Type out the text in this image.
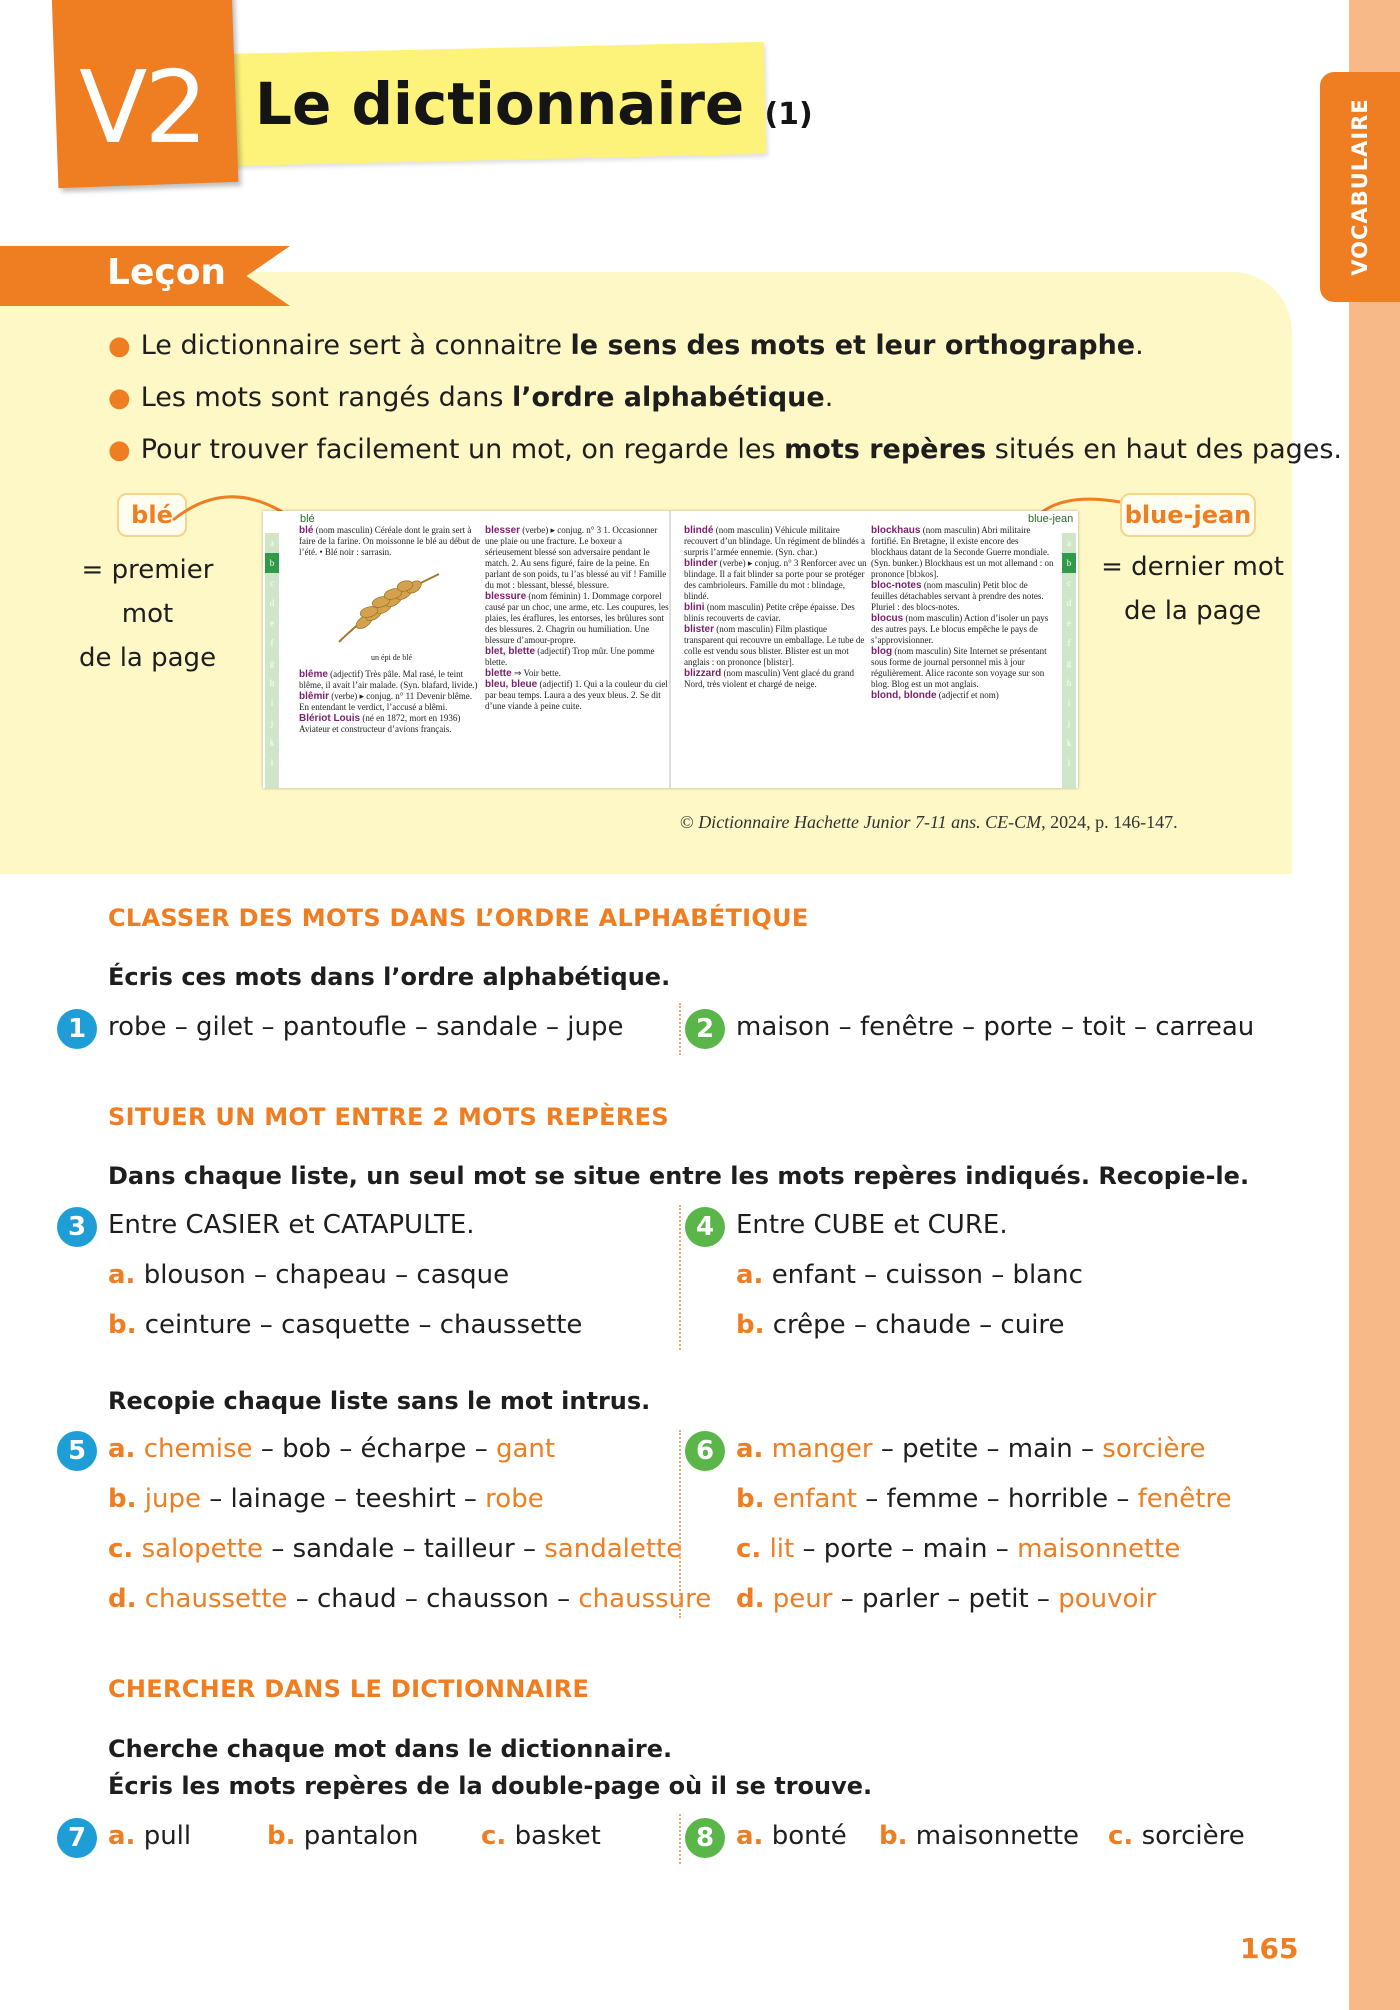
VOCABULAIRE
V2 Le dictionnaire (1)
Leçon
● Le dictionnaire sert à connaitre le sens des mots et leur orthographe.
● Les mots sont rangés dans l’ordre alphabétique.
● Pour trouver facilement un mot, on regarde les mots repères situés en haut des pages.
blé
= premier mot
de la page
blue-jean
= dernier mot
de la page
blé	blue-jean
a
b
c
d
e
f
g
h
i
j
k
l
a
b
c
d
e
f
g
h
i
j
k
l
blé (nom masculin) Céréale dont le grain sert à faire de la farine. On moissonne le blé au début de l’été. • Blé noir : sarrasin.
un épi de blé
blême (adjectif) Très pâle. Mal rasé, le teint blême, il avait l’air malade. (Syn. blafard, livide.)
blêmir (verbe) ▸ conjug. n° 11 Devenir blême. En entendant le verdict, l’accusé a blêmi.
Blériot Louis (né en 1872, mort en 1936) Aviateur et constructeur d’avions français.
blesser (verbe) ▸ conjug. n° 3 1. Occasionner une plaie ou une fracture. Le boxeur a sérieusement blessé son adversaire pendant le match. 2. Au sens figuré, faire de la peine. En parlant de son poids, tu l’as blessé au vif ! Famille du mot : blessant, blessé, blessure.
blessure (nom féminin) 1. Dommage corporel causé par un choc, une arme, etc. Les coupures, les plaies, les éraflures, les entorses, les brûlures sont des blessures. 2. Chagrin ou humiliation. Une blessure d’amour-propre.
blet, blette (adjectif) Trop mûr. Une pomme blette.
blette ⇒ Voir bette.
bleu, bleue (adjectif) 1. Qui a la couleur du ciel par beau temps. Laura a des yeux bleus. 2. Se dit d’une viande à peine cuite.
blindé (nom masculin) Véhicule militaire recouvert d’un blindage. Un régiment de blindés a surpris l’armée ennemie. (Syn. char.)
blinder (verbe) ▸ conjug. n° 3 Renforcer avec un blindage. Il a fait blinder sa porte pour se protéger des cambrioleurs. Famille du mot : blindage, blindé.
blini (nom masculin) Petite crêpe épaisse. Des blinis recouverts de caviar.
blister (nom masculin) Film plastique transparent qui recouvre un emballage. Le tube de colle est vendu sous blister. Blister est un mot anglais : on prononce [blistɛr].
blizzard (nom masculin) Vent glacé du grand Nord, très violent et chargé de neige.
blockhaus (nom masculin) Abri militaire fortifié. En Bretagne, il existe encore des blockhaus datant de la Seconde Guerre mondiale. (Syn. bunker.) Blockhaus est un mot allemand : on prononce [blɔkos].
bloc-notes (nom masculin) Petit bloc de feuilles détachables servant à prendre des notes. Pluriel : des blocs-notes.
blocus (nom masculin) Action d’isoler un pays des autres pays. Le blocus empêche le pays de s’approvisionner.
blog (nom masculin) Site Internet se présentant sous forme de journal personnel mis à jour régulièrement. Alice raconte son voyage sur son blog. Blog est un mot anglais.
blond, blonde (adjectif et nom)
© Dictionnaire Hachette Junior 7-11 ans. CE-CM, 2024, p. 146-147.
CLASSER DES MOTS DANS L’ORDRE ALPHABÉTIQUE
Écris ces mots dans l’ordre alphabétique.
1 robe – gilet – pantoufle – sandale – jupe	2 maison – fenêtre – porte – toit – carreau
SITUER UN MOT ENTRE 2 MOTS REPÈRES
Dans chaque liste, un seul mot se situe entre les mots repères indiqués. Recopie-le.
3 Entre CASIER et CATAPULTE.
a. blouson – chapeau – casque
b. ceinture – casquette – chaussette
4 Entre CUBE et CURE.
a. enfant – cuisson – blanc
b. crêpe – chaude – cuire
Recopie chaque liste sans le mot intrus.
5 a. chemise – bob – écharpe – gant
b. jupe – lainage – teeshirt – robe
c. salopette – sandale – tailleur – sandalette
d. chaussette – chaud – chausson – chaussure
6 a. manger – petite – main – sorcière
b. enfant – femme – horrible – fenêtre
c. lit – porte – main – maisonnette
d. peur – parler – petit – pouvoir
CHERCHER DANS LE DICTIONNAIRE
Cherche chaque mot dans le dictionnaire.
Écris les mots repères de la double-page où il se trouve.
7 a. pull	b. pantalon c. basket	8 a. bonté b. maisonnette c. sorcière
165
